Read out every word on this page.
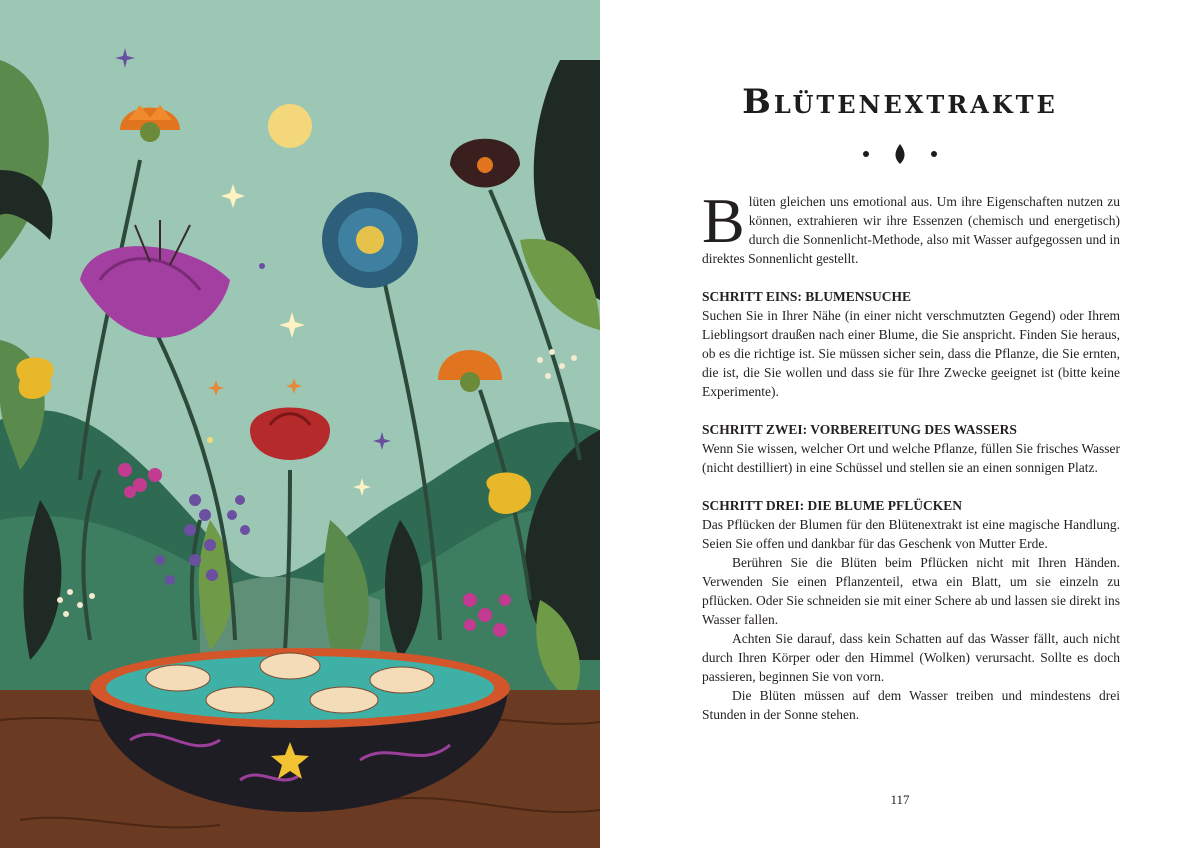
Blütenextrakte

Blüten gleichen uns emotional aus. Um ihre Eigenschaften nutzen zu können, extrahieren wir ihre Essenzen (chemisch und energetisch) durch die Sonnenlicht-Methode, also mit Wasser aufgegossen und in direktes Sonnenlicht gestellt.

SCHRITT EINS: BLUMENSUCHE

Suchen Sie in Ihrer Nähe (in einer nicht verschmutzten Gegend) oder Ihrem Lieblingsort draußen nach einer Blume, die Sie anspricht. Finden Sie heraus, ob es die richtige ist. Sie müssen sicher sein, dass die Pflanze, die Sie ernten, die ist, die Sie wollen und dass sie für Ihre Zwecke geeignet ist (bitte keine Experimente).

SCHRITT ZWEI: VORBEREITUNG DES WASSERS

Wenn Sie wissen, welcher Ort und welche Pflanze, füllen Sie frisches Wasser (nicht destilliert) in eine Schüssel und stellen sie an einen sonnigen Platz.

SCHRITT DREI: DIE BLUME PFLÜCKEN

Das Pflücken der Blumen für den Blütenextrakt ist eine magische Handlung. Seien Sie offen und dankbar für das Geschenk von Mutter Erde.

Berühren Sie die Blüten beim Pflücken nicht mit Ihren Händen. Verwenden Sie einen Pflanzenteil, etwa ein Blatt, um sie einzeln zu pflücken. Oder Sie schneiden sie mit einer Schere ab und lassen sie direkt ins Wasser fallen.

Achten Sie darauf, dass kein Schatten auf das Wasser fällt, auch nicht durch Ihren Körper oder den Himmel (Wolken) verursacht. Sollte es doch passieren, beginnen Sie von vorn.

Die Blüten müssen auf dem Wasser treiben und mindestens drei Stunden in der Sonne stehen.

117
